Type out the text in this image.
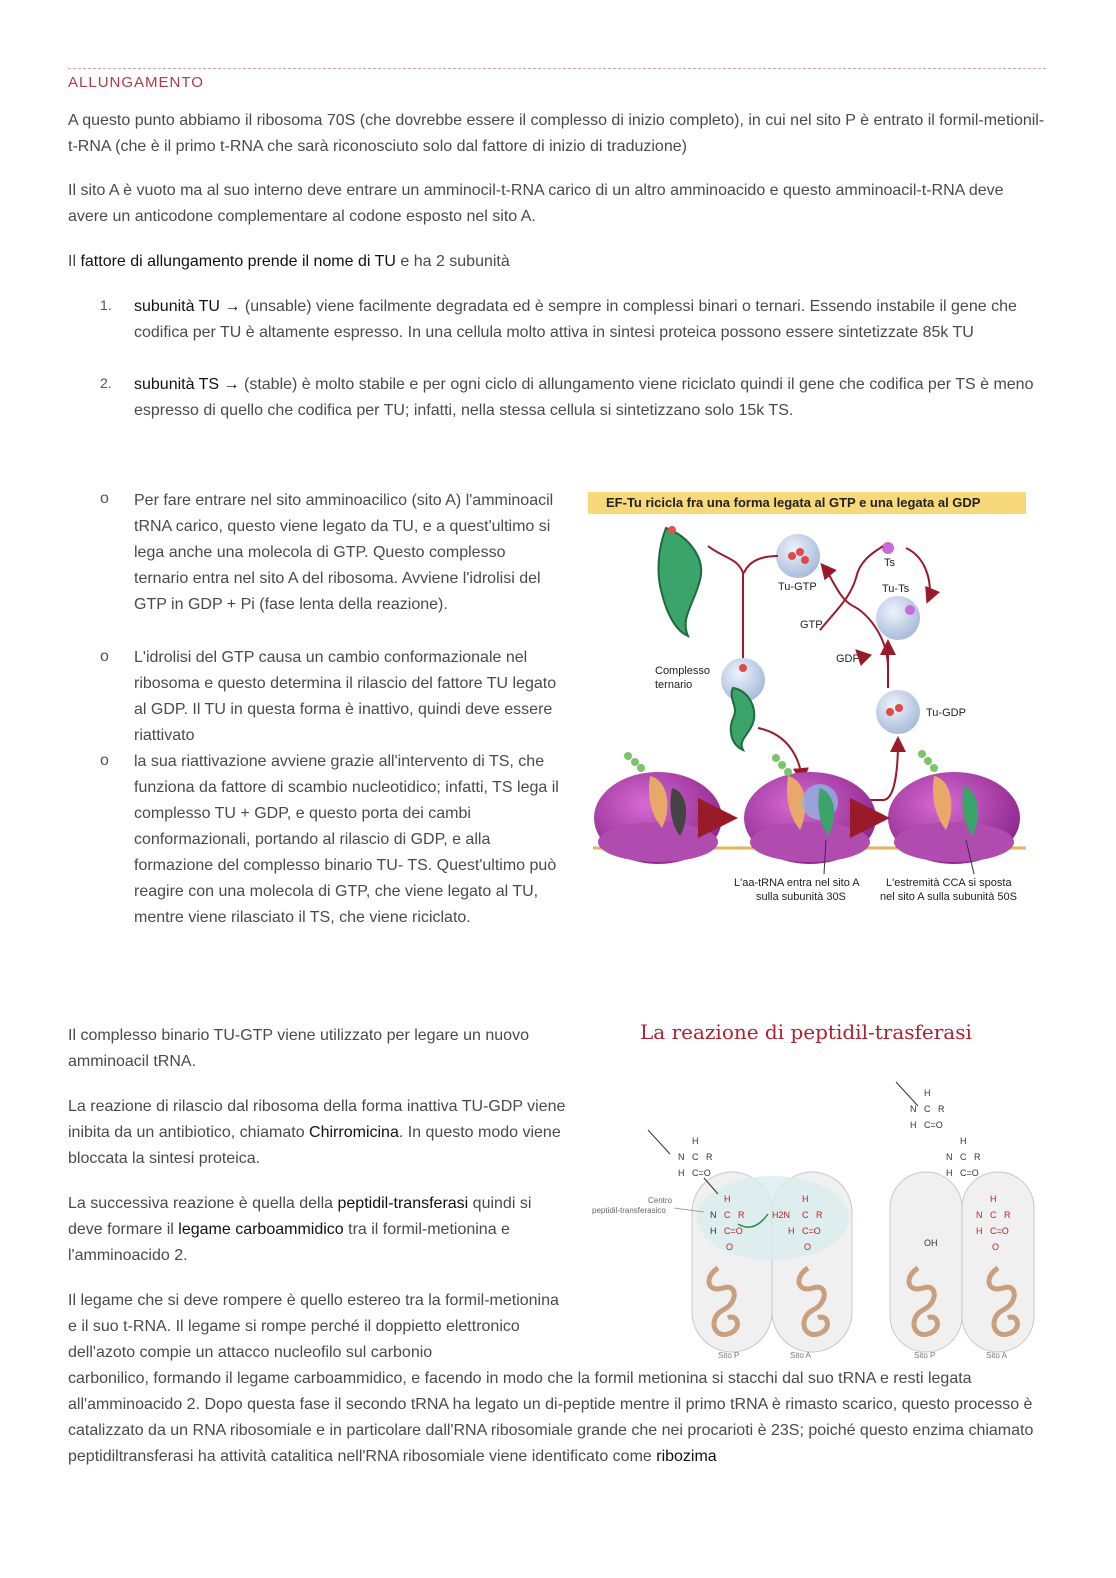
ALLUNGAMENTO
A questo punto abbiamo il ribosoma 70S (che dovrebbe essere il complesso di inizio completo), in cui nel sito P è entrato il formil-metionil-t-RNA (che è il primo t-RNA che sarà riconosciuto solo dal fattore di inizio di traduzione)
Il sito A è vuoto ma al suo interno deve entrare un amminocil-t-RNA carico di un altro amminoacido e questo amminoacil-t-RNA deve avere un anticodone complementare al codone esposto nel sito A.
Il fattore di allungamento prende il nome di TU e ha 2 subunità
1. subunità TU → (unsable) viene facilmente degradata ed è sempre in complessi binari o ternari. Essendo instabile il gene che codifica per TU è altamente espresso. In una cellula molto attiva in sintesi proteica possono essere sintetizzate 85k TU
2. subunità TS → (stable) è molto stabile e per ogni ciclo di allungamento viene riciclato quindi il gene che codifica per TS è meno espresso di quello che codifica per TU; infatti, nella stessa cellula si sintetizzano solo 15k TS.
o Per fare entrare nel sito amminoacilico (sito A) l'amminoacil tRNA carico, questo viene legato da TU, e a quest'ultimo si lega anche una molecola di GTP. Questo complesso ternario entra nel sito A del ribosoma. Avviene l'idrolisi del GTP in GDP + Pi (fase lenta della reazione).
o L'idrolisi del GTP causa un cambio conformazionale nel ribosoma e questo determina il rilascio del fattore TU legato al GDP. Il TU in questa forma è inattivo, quindi deve essere riattivato
o la sua riattivazione avviene grazie all'intervento di TS, che funziona da fattore di scambio nucleotidico; infatti, TS lega il complesso TU + GDP, e questo porta dei cambi conformazionali, portando al rilascio di GDP, e alla formazione del complesso binario TU- TS. Quest'ultimo può reagire con una molecola di GTP, che viene legato al TU, mentre viene rilasciato il TS, che viene riciclato.
EF-Tu ricicla fra una forma legata al GTP e una legata al GDP
Tu-GTP
Ts
Tu-Ts
GTP
GDP
Complesso
ternario
Tu-GDP
L'aa-tRNA entra nel sito A
sulla subunità 30S
L'estremità CCA si sposta
nel sito A sulla subunità 50S
Il complesso binario TU-GTP viene utilizzato per legare un nuovo amminoacil tRNA.
La reazione di rilascio dal ribosoma della forma inattiva TU-GDP viene inibita da un antibiotico, chiamato Chirromicina. In questo modo viene bloccata la sintesi proteica.
La successiva reazione è quella della peptidil-transferasi quindi si deve formare il legame carboammidico tra il formil-metionina e l'amminoacido 2.
Il legame che si deve rompere è quello estereo tra la formil-metionina e il suo t-RNA. Il legame si rompe perché il doppietto elettronico dell'azoto compie un attacco nucleofilo sul carbonio
carbonilico, formando il legame carboammidico, e facendo in modo che la formil metionina si stacchi dal suo tRNA e resti legata all'amminoacido 2. Dopo questa fase il secondo tRNA ha legato un di-peptide mentre il primo tRNA è rimasto scarico, questo processo è catalizzato da un RNA ribosomiale e in particolare dall'RNA ribosomiale grande che nei procarioti è 23S; poiché questo enzima chiamato peptidiltransferasi ha attività catalitica nell'RNA ribosomiale viene identificato come ribozima
La reazione di peptidil-trasferasi
Centro
peptidil-transferasico
H
N C R
C=O
H
H
N C R
H C=O
O
H2N
H
C R
H C=O
O
H
N C R
H C=O
H
N C R
H C=O
H
N C R
H C=O
O
OH
Sito P	Sito A	Sito P	Sito A
